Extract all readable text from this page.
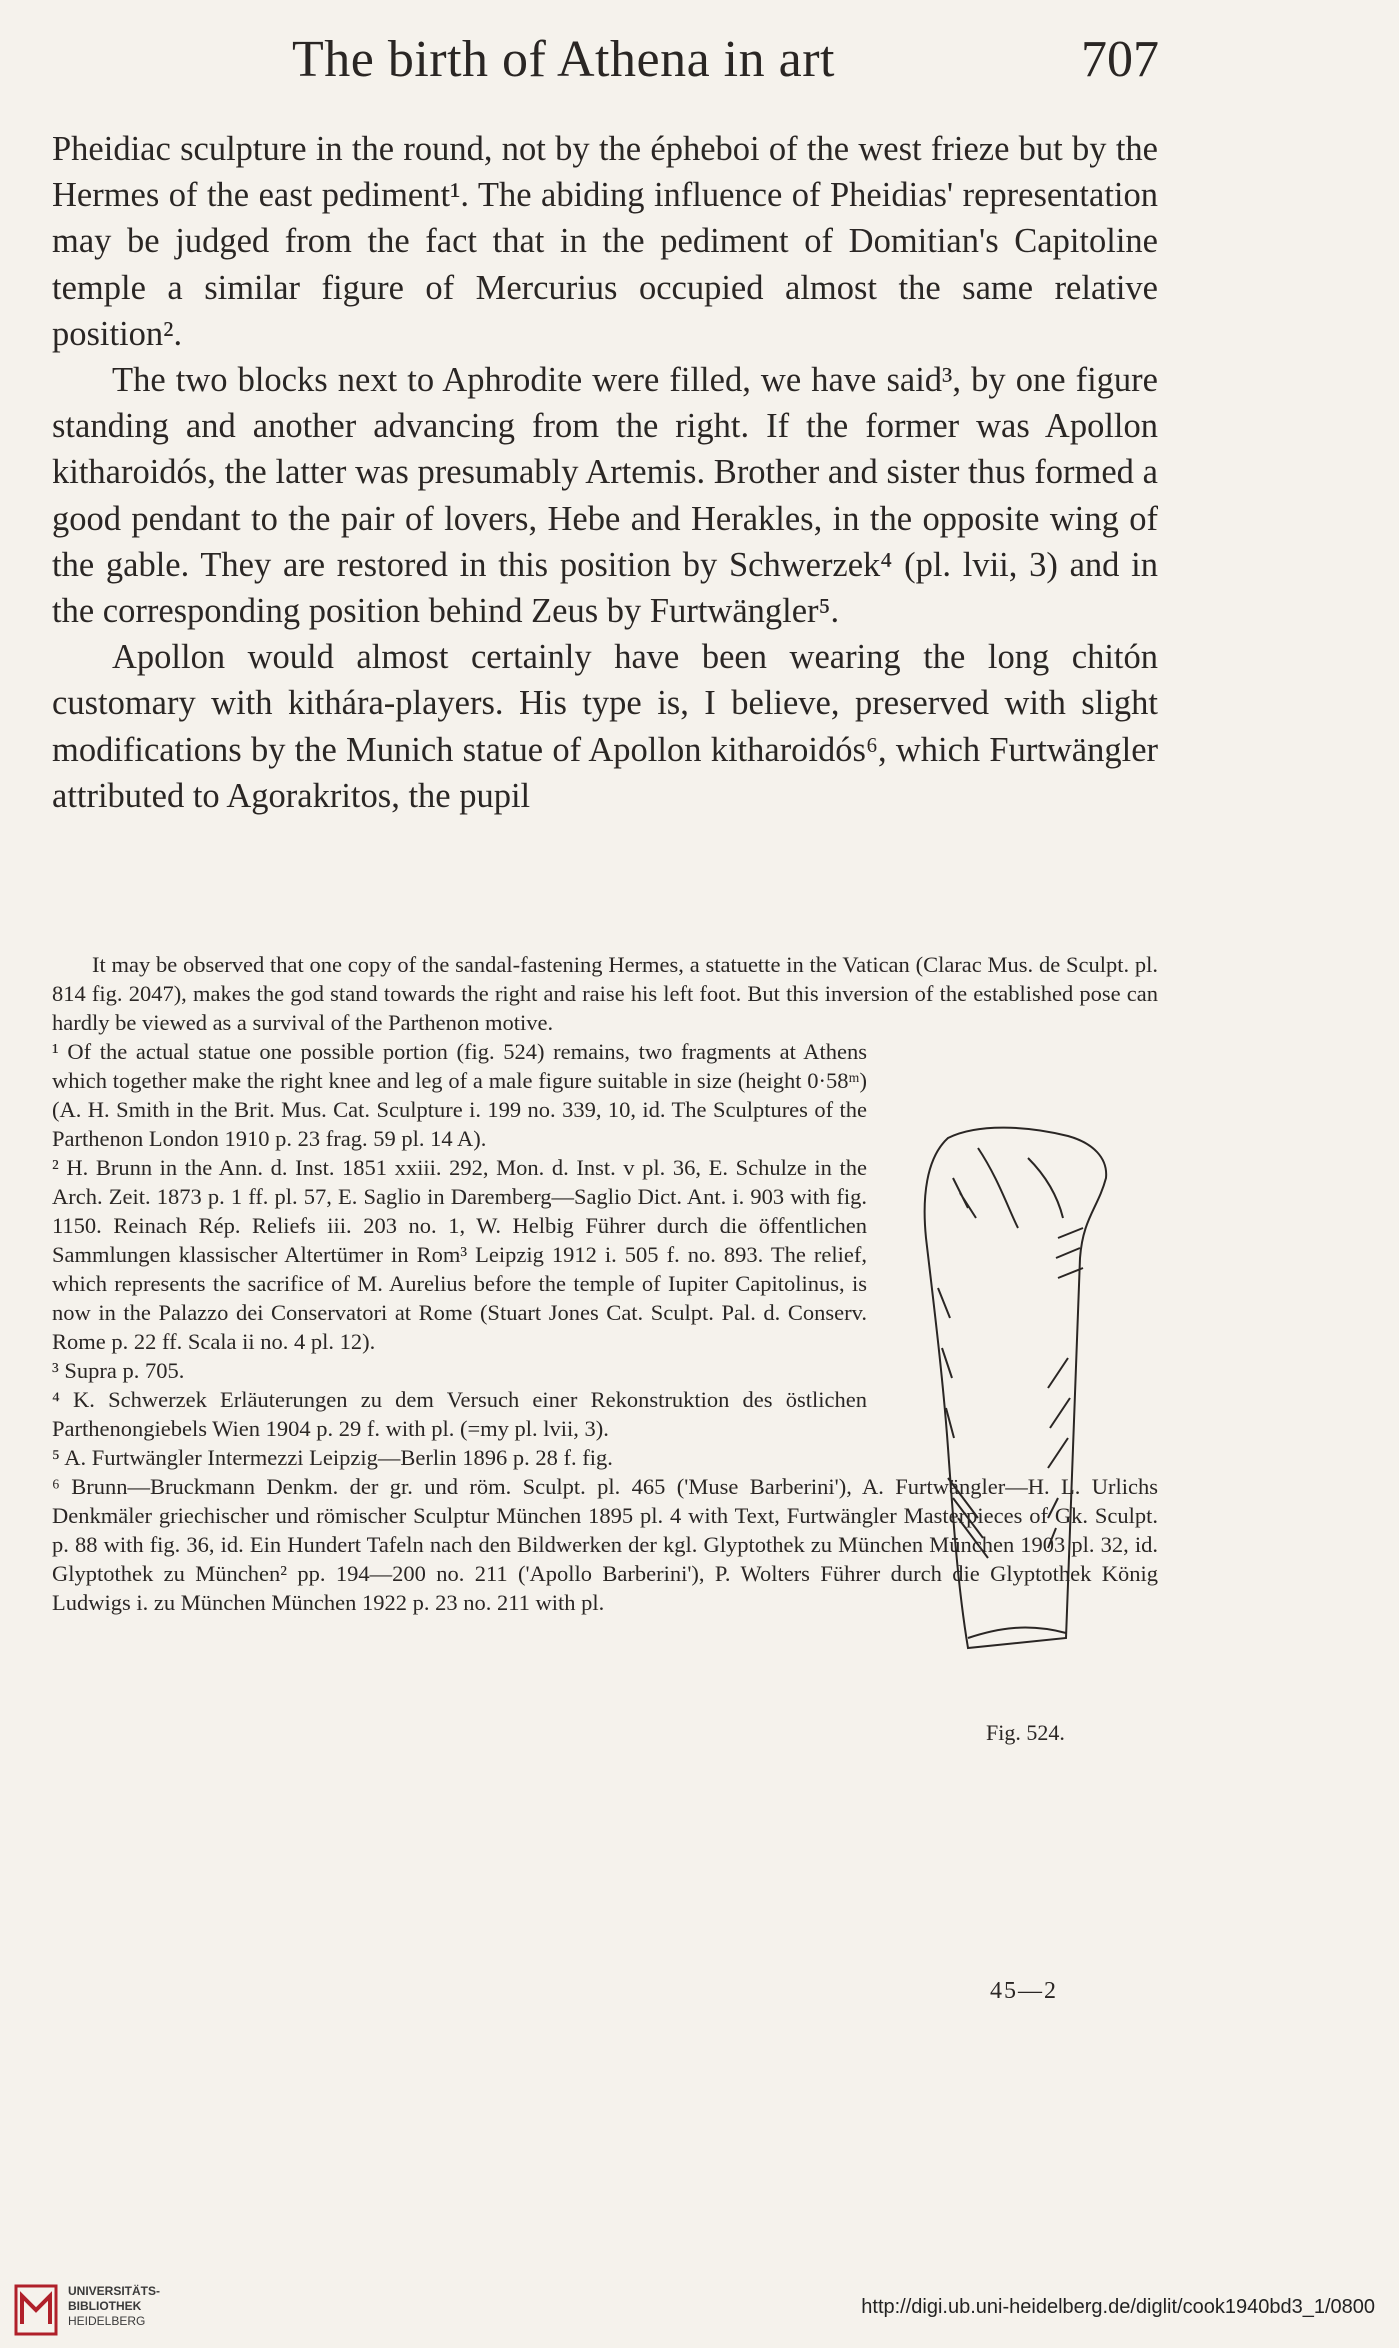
The birth of Athena in art	707

Pheidiac sculpture in the round, not by the épheboi of the west frieze but by the Hermes of the east pediment¹. The abiding influence of Pheidias' representation may be judged from the fact that in the pediment of Domitian's Capitoline temple a similar figure of Mercurius occupied almost the same relative position².

The two blocks next to Aphrodite were filled, we have said³, by one figure standing and another advancing from the right. If the former was Apollon kitharoidós, the latter was presumably Artemis. Brother and sister thus formed a good pendant to the pair of lovers, Hebe and Herakles, in the opposite wing of the gable. They are restored in this position by Schwerzek⁴ (pl. lvii, 3) and in the corresponding position behind Zeus by Furtwängler⁵.

Apollon would almost certainly have been wearing the long chitón customary with kithára-players. His type is, I believe, preserved with slight modifications by the Munich statue of Apollon kitharoidós⁶, which Furtwängler attributed to Agorakritos, the pupil

It may be observed that one copy of the sandal-fastening Hermes, a statuette in the Vatican (Clarac Mus. de Sculpt. pl. 814 fig. 2047), makes the god stand towards the right and raise his left foot. But this inversion of the established pose can hardly be viewed as a survival of the Parthenon motive.

¹ Of the actual statue one possible portion (fig. 524) remains, two fragments at Athens which together make the right knee and leg of a male figure suitable in size (height 0·58ᵐ) (A. H. Smith in the Brit. Mus. Cat. Sculpture i. 199 no. 339, 10, id. The Sculptures of the Parthenon London 1910 p. 23 frag. 59 pl. 14 A).

² H. Brunn in the Ann. d. Inst. 1851 xxiii. 292, Mon. d. Inst. v pl. 36, E. Schulze in the Arch. Zeit. 1873 p. 1 ff. pl. 57, E. Saglio in Daremberg—Saglio Dict. Ant. i. 903 with fig. 1150. Reinach Rép. Reliefs iii. 203 no. 1, W. Helbig Führer durch die öffentlichen Sammlungen klassischer Altertümer in Rom³ Leipzig 1912 i. 505 f. no. 893. The relief, which represents the sacrifice of M. Aurelius before the temple of Iupiter Capitolinus, is now in the Palazzo dei Conservatori at Rome (Stuart Jones Cat. Sculpt. Pal. d. Conserv. Rome p. 22 ff. Scala ii no. 4 pl. 12).

³ Supra p. 705.

⁴ K. Schwerzek Erläuterungen zu dem Versuch einer Rekonstruktion des östlichen Parthenongiebels Wien 1904 p. 29 f. with pl. (=my pl. lvii, 3).

⁵ A. Furtwängler Intermezzi Leipzig—Berlin 1896 p. 28 f. fig.

⁶ Brunn—Bruckmann Denkm. der gr. und röm. Sculpt. pl. 465 ('Muse Barberini'), A. Furtwängler—H. L. Urlichs Denkmäler griechischer und römischer Sculptur München 1895 pl. 4 with Text, Furtwängler Masterpieces of Gk. Sculpt. p. 88 with fig. 36, id. Ein Hundert Tafeln nach den Bildwerken der kgl. Glyptothek zu München München 1903 pl. 32, id. Glyptothek zu München² pp. 194—200 no. 211 ('Apollo Barberini'), P. Wolters Führer durch die Glyptothek König Ludwigs i. zu München München 1922 p. 23 no. 211 with pl.

Fig. 524.
45—2
UNIVERSITÄTS-
BIBLIOTHEK
HEIDELBERG
http://digi.ub.uni-heidelberg.de/diglit/cook1940bd3_1/0800
